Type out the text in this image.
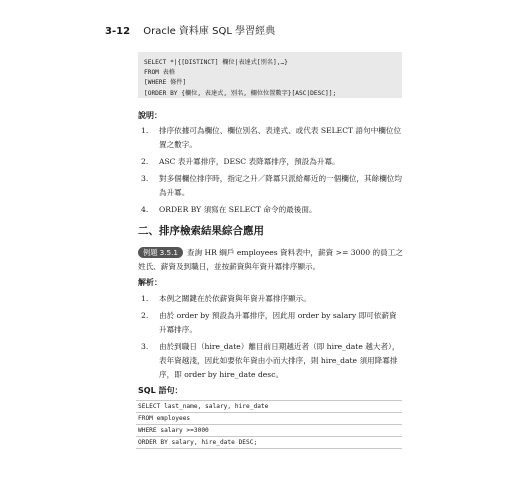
3-12 Oracle 資料庫 SQL 學習經典
SELECT *|{[DISTINCT] 欄位|表達式[別名],…}
FROM 表格
[WHERE 條件]
[ORDER BY {欄位, 表達式, 別名, 欄位位置數字}[ASC|DESC]];
說明：
1. 排序依據可為欄位、欄位別名、表達式、或代表 SELECT 語句中欄位位置之數字。
2. ASC 表升冪排序，DESC 表降冪排序，預設為升冪。
3. 對多個欄位排序時，指定之升／降冪只派給鄰近的一個欄位，其餘欄位均為升冪。
4. ORDER BY 須寫在 SELECT 命令的最後面。
二、排序檢索結果綜合應用
例題 3.5.1 查詢 HR 綱戶 employees 資料表中，薪資 >= 3000 的員工之姓氏、薪資及到職日，並按薪資與年資升冪排序顯示。
解析：
1. 本例之關鍵在於依薪資與年資升冪排序顯示。
2. 由於 order by 預設為升冪排序，因此用 order by salary 即可依薪資升冪排序。
3. 由於到職日（hire_date）離目前日期越近者（即 hire_date 越大者），表年資越淺，因此如要依年資由小而大排序，則 hire_date 須用降冪排序，即 order by hire_date desc。
SQL 語句：
SELECT last_name, salary, hire_date
FROM employees
WHERE salary >=3000
ORDER BY salary, hire_date DESC;
